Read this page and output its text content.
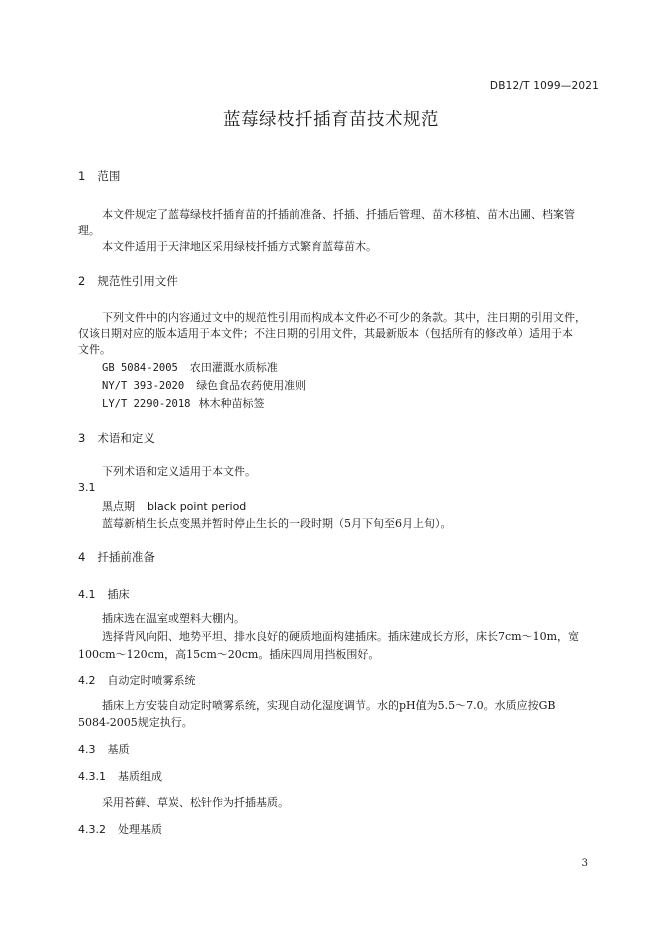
DB12/T 1099—2021
蓝莓绿枝扦插育苗技术规范
1 范围
本文件规定了蓝莓绿枝扦插育苗的扦插前准备、扦插、扦插后管理、苗木移植、苗木出圃、档案管
理。
本文件适用于天津地区采用绿枝扦插方式繁育蓝莓苗木。
2 规范性引用文件
下列文件中的内容通过文中的规范性引用而构成本文件必不可少的条款。其中，注日期的引用文件，
仅该日期对应的版本适用于本文件；不注日期的引用文件，其最新版本（包括所有的修改单）适用于本
文件。
GB 5084-2005 农田灌溉水质标准
NY/T 393-2020 绿色食品农药使用准则
LY/T 2290-2018 林木种苗标签
3 术语和定义
下列术语和定义适用于本文件。
3.1
黑点期 black point period
蓝莓新梢生长点变黑并暂时停止生长的一段时期（5月下旬至6月上旬）。
4 扦插前准备
4.1 插床
插床选在温室或塑料大棚内。
选择背风向阳、地势平坦、排水良好的硬质地面构建插床。插床建成长方形，床长7cm～10m，宽
100cm～120cm，高15cm～20cm。插床四周用挡板围好。
4.2 自动定时喷雾系统
插床上方安装自动定时喷雾系统，实现自动化湿度调节。水的pH值为5.5～7.0。水质应按GB
5084-2005规定执行。
4.3 基质
4.3.1 基质组成
采用苔藓、草炭、松针作为扦插基质。
4.3.2 处理基质
3
